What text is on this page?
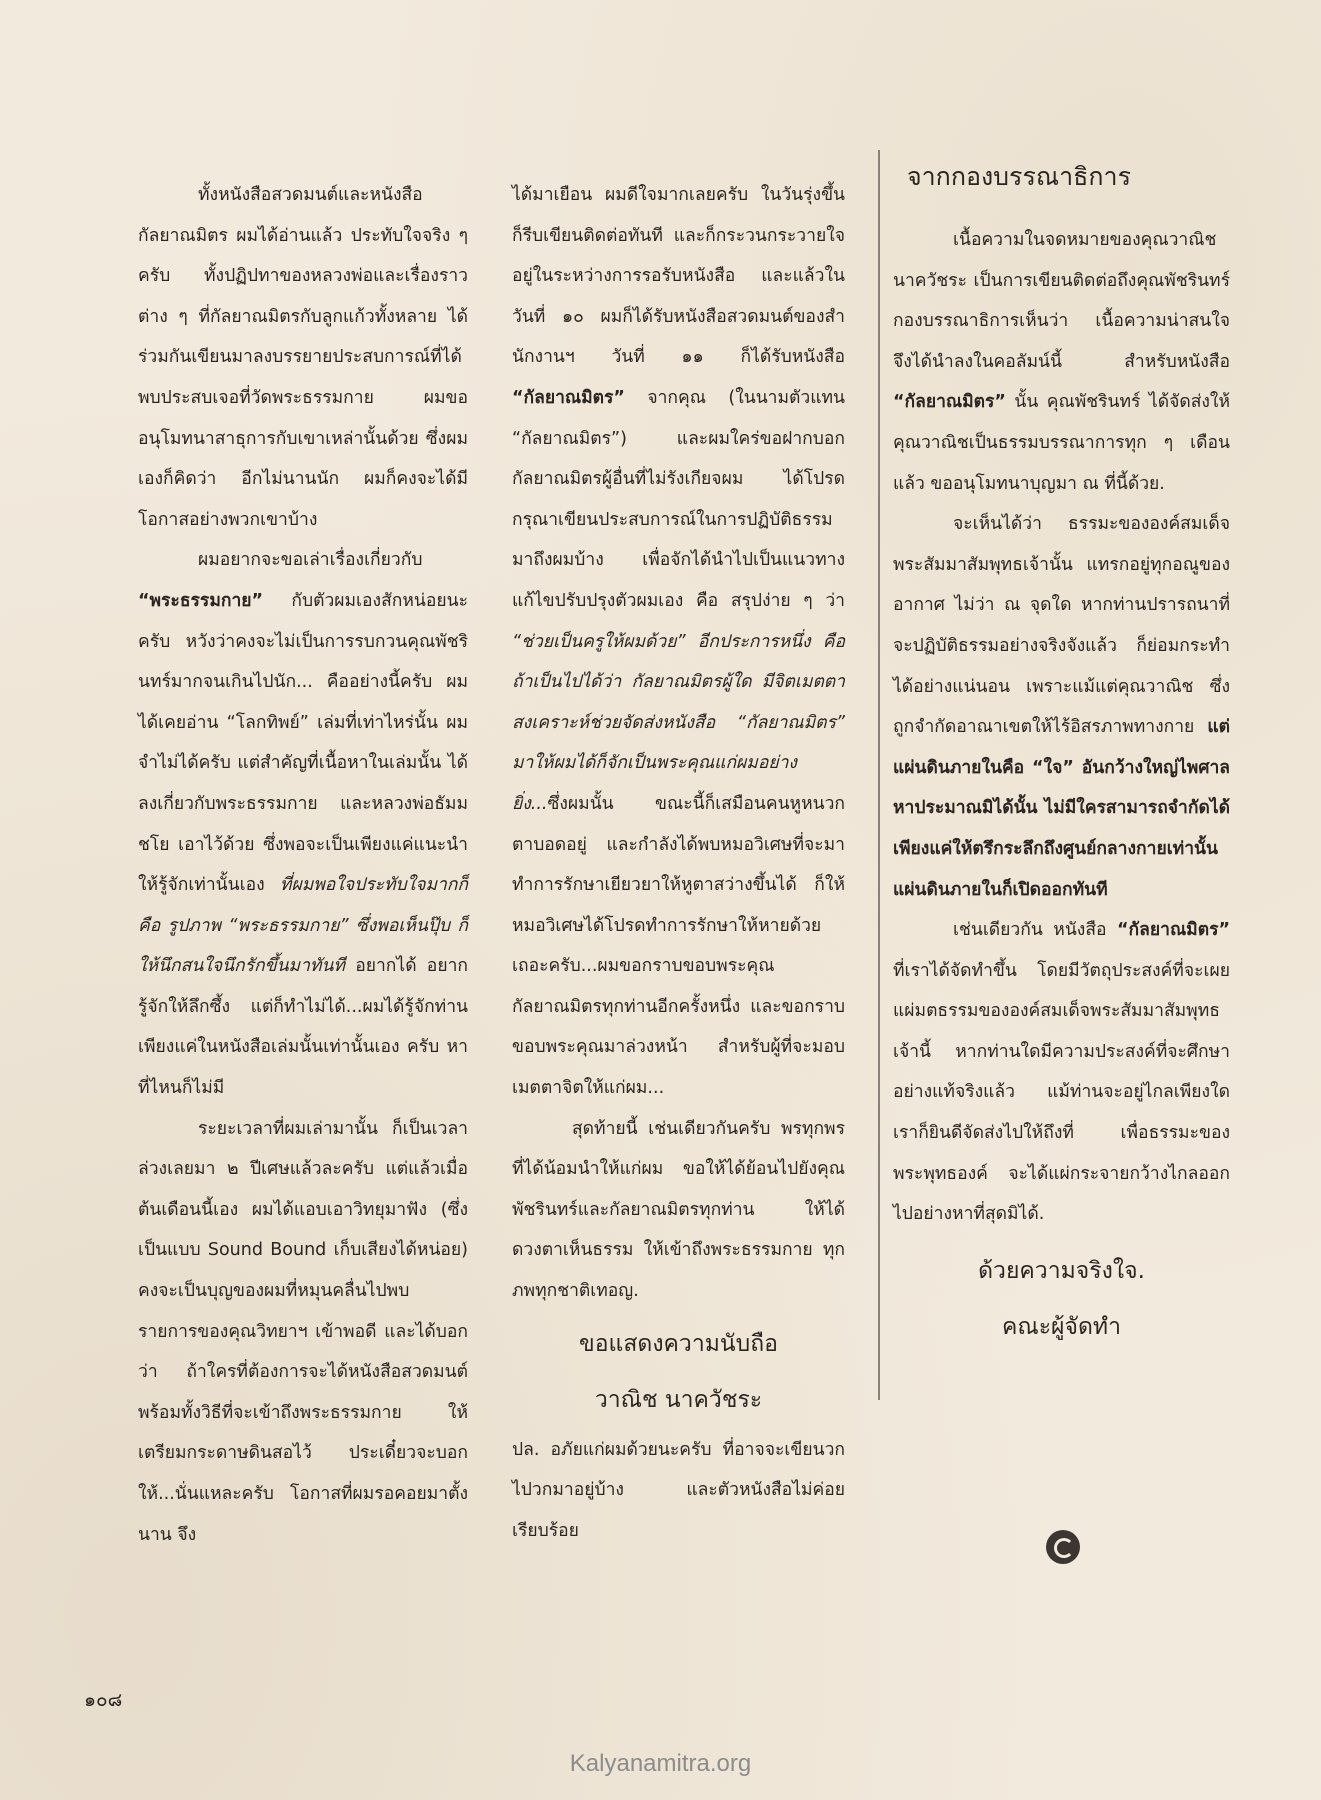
ทั้งหนังสือสวดมนต์และหนังสือกัลยาณมิตร ผมได้อ่านแล้ว ประทับใจจริง ๆ ครับ ทั้งปฏิปทาของหลวงพ่อและเรื่องราวต่าง ๆ ที่กัลยาณมิตรกับลูกแก้วทั้งหลาย ได้ร่วมกันเขียนมาลงบรรยายประสบการณ์ที่ได้พบประสบเจอที่วัดพระธรรมกาย ผมขออนุโมทนาสาธุการกับเขาเหล่านั้นด้วย ซึ่งผมเองก็คิดว่า อีกไม่นานนัก ผมก็คงจะได้มีโอกาสอย่างพวกเขาบ้าง

ผมอยากจะขอเล่าเรื่องเกี่ยวกับ
“พระธรรมกาย” กับตัวผมเองสักหน่อยนะครับ หวังว่าคงจะไม่เป็นการรบกวนคุณพัชรินทร์มากจนเกินไปนัก... คืออย่างนี้ครับ ผมได้เคยอ่าน “โลกทิพย์” เล่มที่เท่าไหร่นั้น ผมจำไม่ได้ครับ แต่สำคัญที่เนื้อหาในเล่มนั้น ได้ลงเกี่ยวกับพระธรรมกาย และหลวงพ่อธัมมชโย เอาไว้ด้วย ซึ่งพอจะเป็นเพียงแค่แนะนำให้รู้จักเท่านั้นเอง ที่ผมพอใจประทับใจมากก็คือ รูปภาพ “พระธรรมกาย” ซึ่งพอเห็นปุ๊บ ก็ให้นึกสนใจนึกรักขึ้นมาทันที อยากได้ อยากรู้จักให้ลึกซึ้ง แต่ก็ทำไม่ได้...ผมได้รู้จักท่านเพียงแค่ในหนังสือเล่มนั้นเท่านั้นเอง ครับ หาที่ไหนก็ไม่มี

ระยะเวลาที่ผมเล่ามานั้น ก็เป็นเวลาล่วงเลยมา ๒ ปีเศษแล้วละครับ แต่แล้วเมื่อต้นเดือนนี้เอง ผมได้แอบเอาวิทยุมาฟัง (ซึ่งเป็นแบบ Sound Bound เก็บเสียงได้หน่อย) คงจะเป็นบุญของผมที่หมุนคลื่นไปพบรายการของคุณวิทยาฯ เข้าพอดี และได้บอกว่า ถ้าใครที่ต้องการจะได้หนังสือสวดมนต์ พร้อมทั้งวิธีที่จะเข้าถึงพระธรรมกาย ให้เตรียมกระดาษดินสอไว้ ประเดี๋ยวจะบอกให้...นั่นแหละครับ โอกาสที่ผมรอคอยมาตั้งนาน จึง

ได้มาเยือน ผมดีใจมากเลยครับ ในวันรุ่งขึ้น ก็รีบเขียนติดต่อทันที และก็กระวนกระวายใจอยู่ในระหว่างการรอรับหนังสือ และแล้วในวันที่ ๑๐ ผมก็ได้รับหนังสือสวดมนต์ของสำนักงานฯ วันที่ ๑๑ ก็ได้รับหนังสือ “กัลยาณมิตร” จากคุณ (ในนามตัวแทน “กัลยาณมิตร”) และผมใคร่ขอฝากบอกกัลยาณมิตรผู้อื่นที่ไม่รังเกียจผม ได้โปรดกรุณาเขียนประสบการณ์ในการปฏิบัติธรรมมาถึงผมบ้าง เพื่อจักได้นำไปเป็นแนวทางแก้ไขปรับปรุงตัวผมเอง คือ สรุปง่าย ๆ ว่า “ช่วยเป็นครูให้ผมด้วย” อีกประการหนึ่ง คือ ถ้าเป็นไปได้ว่า กัลยาณมิตรผู้ใด มีจิตเมตตาสงเคราะห์ช่วยจัดส่งหนังสือ “กัลยาณมิตร” มาให้ผมได้ก็จักเป็นพระคุณแก่ผมอย่างยิ่ง...ซึ่งผมนั้น ขณะนี้ก็เสมือนคนหูหนวกตาบอดอยู่ และกำลังได้พบหมอวิเศษที่จะมาทำการรักษาเยียวยาให้หูตาสว่างขึ้นได้ ก็ให้หมอวิเศษได้โปรดทำการรักษาให้หายด้วยเถอะครับ...ผมขอกราบขอบพระคุณกัลยาณมิตรทุกท่านอีกครั้งหนึ่ง และขอกราบขอบพระคุณมาล่วงหน้า สำหรับผู้ที่จะมอบเมตตาจิตให้แก่ผม...

สุดท้ายนี้ เช่นเดียวกันครับ พรทุกพรที่ได้น้อมนำให้แก่ผม ขอให้ได้ย้อนไปยังคุณพัชรินทร์และกัลยาณมิตรทุกท่าน ให้ได้ดวงตาเห็นธรรม ให้เข้าถึงพระธรรมกาย ทุกภพทุกชาติเทอญ.

ขอแสดงความนับถือ
วาณิช นาควัชระ

ปล. อภัยแก่ผมด้วยนะครับ ที่อาจจะเขียนวกไปวกมาอยู่บ้าง และตัวหนังสือไม่ค่อยเรียบร้อย

จากกองบรรณาธิการ

เนื้อความในจดหมายของคุณวาณิช นาควัชระ เป็นการเขียนติดต่อถึงคุณพัชรินทร์ กองบรรณาธิการเห็นว่า เนื้อความน่าสนใจ จึงได้นำลงในคอลัมน์นี้ สำหรับหนังสือ “กัลยาณมิตร” นั้น คุณพัชรินทร์ ได้จัดส่งให้คุณวาณิชเป็นธรรมบรรณาการทุก ๆ เดือนแล้ว ขออนุโมทนาบุญมา ณ ที่นี้ด้วย.

จะเห็นได้ว่า ธรรมะขององค์สมเด็จพระสัมมาสัมพุทธเจ้านั้น แทรกอยู่ทุกอณูของอากาศ ไม่ว่า ณ จุดใด หากท่านปรารถนาที่จะปฏิบัติธรรมอย่างจริงจังแล้ว ก็ย่อมกระทำได้อย่างแน่นอน เพราะแม้แต่คุณวาณิช ซึ่งถูกจำกัดอาณาเขตให้ไร้อิสรภาพทางกาย แต่แผ่นดินภายในคือ “ใจ” อันกว้างใหญ่ไพศาลหาประมาณมิได้นั้น ไม่มีใครสามารถจำกัดได้ เพียงแค่ให้ตรึกระลึกถึงศูนย์กลางกายเท่านั้น แผ่นดินภายในก็เปิดออกทันที

เช่นเดียวกัน หนังสือ “กัลยาณมิตร” ที่เราได้จัดทำขึ้น โดยมีวัตถุประสงค์ที่จะเผยแผ่มตธรรมขององค์สมเด็จพระสัมมาสัมพุทธเจ้านี้ หากท่านใดมีความประสงค์ที่จะศึกษาอย่างแท้จริงแล้ว แม้ท่านจะอยู่ไกลเพียงใด เราก็ยินดีจัดส่งไปให้ถึงที่ เพื่อธรรมะของพระพุทธองค์ จะได้แผ่กระจายกว้างไกลออกไปอย่างหาที่สุดมิได้.

ด้วยความจริงใจ.
คณะผู้จัดทำ
๑๐๘
Kalyanamitra.org
